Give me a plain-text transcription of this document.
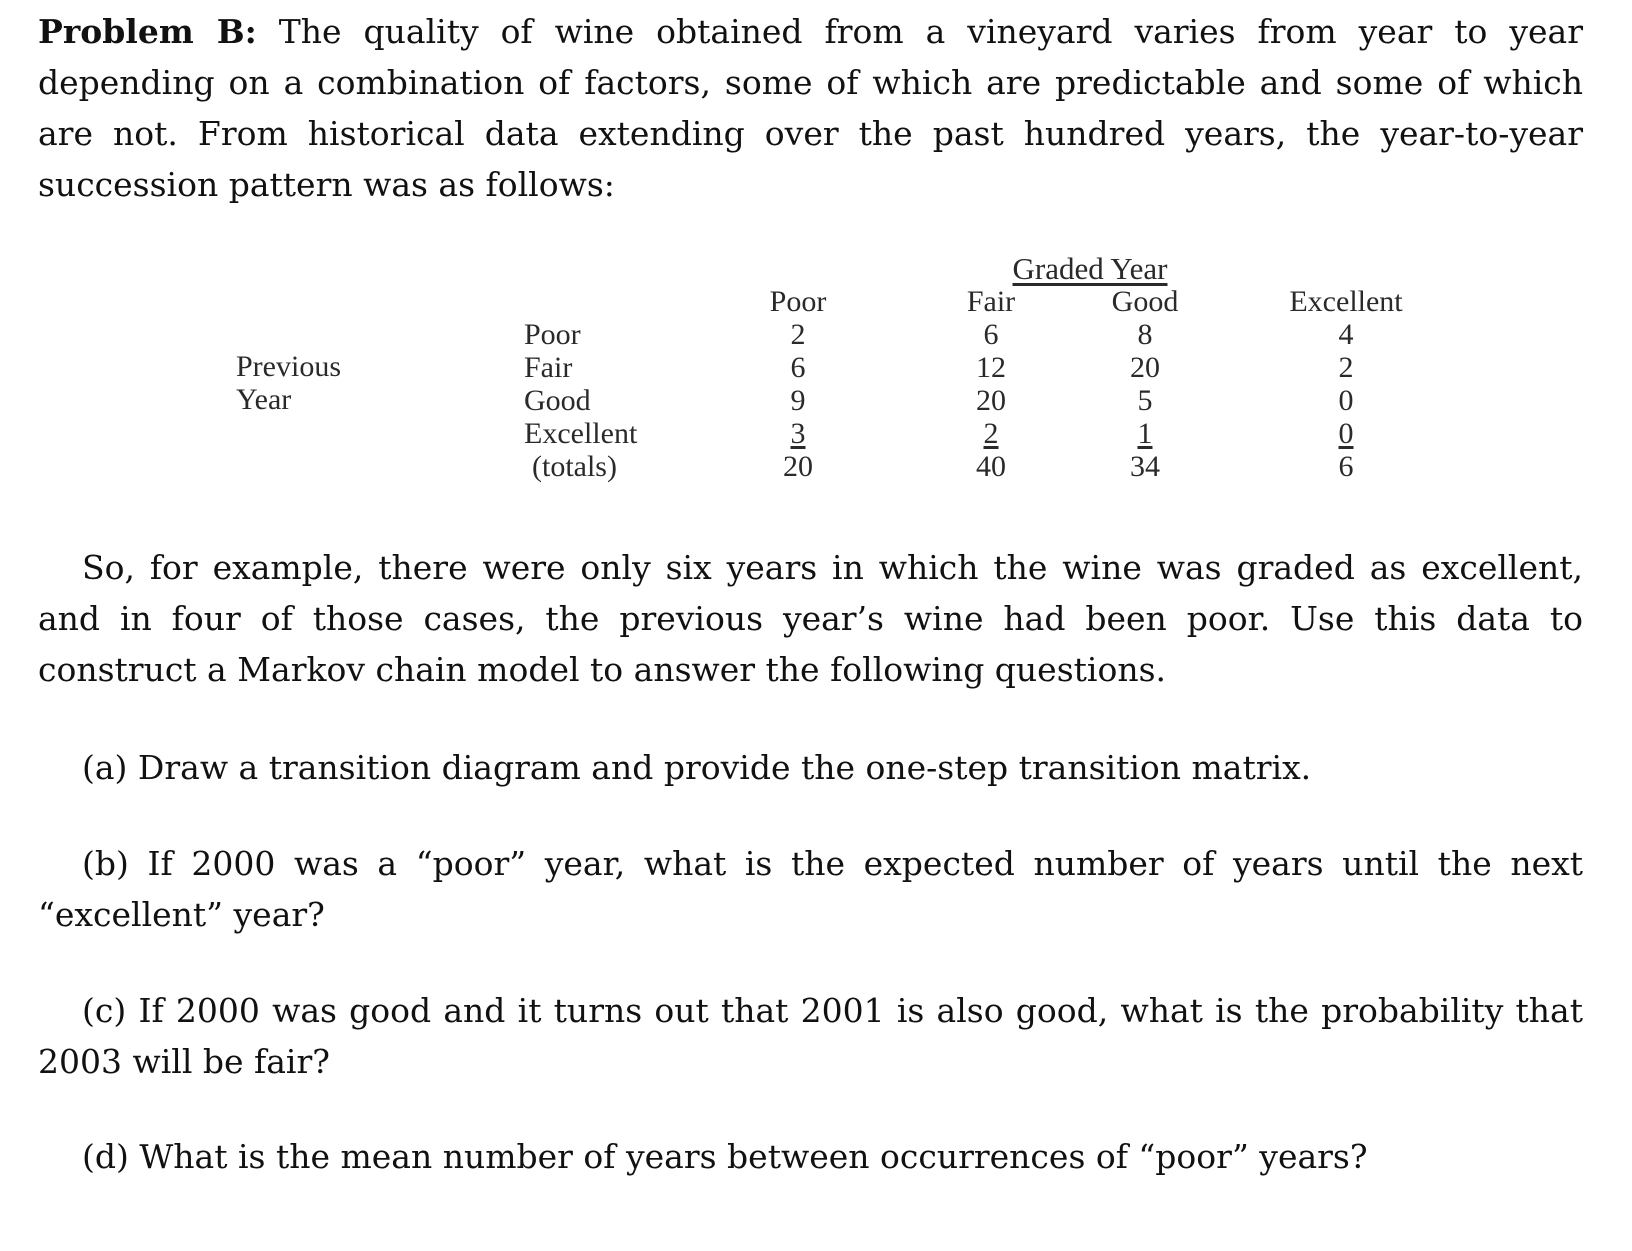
Problem B: The quality of wine obtained from a vineyard varies from year to year depending on a combination of factors, some of which are predictable and some of which are not. From historical data extending over the past hundred years, the year-to-year succession pattern was as follows:

Graded Year
Previous
Year
Poor
Fair
Good
Excellent
(totals)
Poor
2
6
9
3
20
Fair
6
12
20
2
40
Good
8
20
5
1
34
Excellent
4
2
0
0
6

So, for example, there were only six years in which the wine was graded as excellent, and in four of those cases, the previous year’s wine had been poor. Use this data to construct a Markov chain model to answer the following questions.

(a) Draw a transition diagram and provide the one-step transition matrix.

(b) If 2000 was a “poor” year, what is the expected number of years until the next “excellent” year?

(c) If 2000 was good and it turns out that 2001 is also good, what is the probability that 2003 will be fair?

(d) What is the mean number of years between occurrences of “poor” years?
